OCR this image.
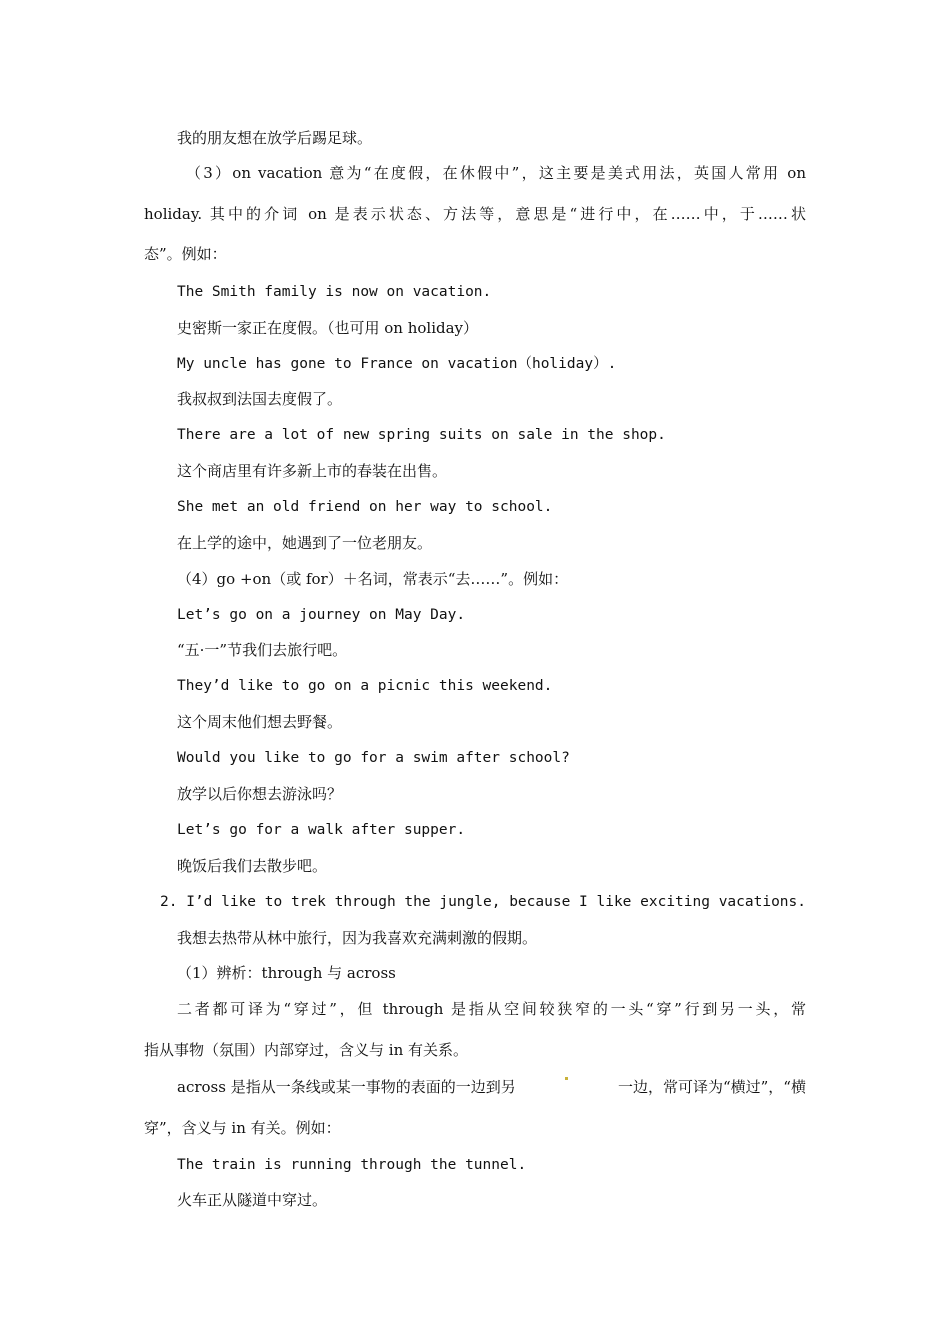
我的朋友想在放学后踢足球。
（3）on vacation 意为“在度假，在休假中”，这主要是美式用法，英国人常用 on
holiday. 其中的介词 on 是表示状态、方法等，意思是“进行中，在……中，于……状
态”。例如：
The Smith family is now on vacation.
史密斯一家正在度假。（也可用 on holiday）
My uncle has gone to France on vacation（holiday）.
我叔叔到法国去度假了。
There are a lot of new spring suits on sale in the shop.
这个商店里有许多新上市的春装在出售。
She met an old friend on her way to school.
在上学的途中，她遇到了一位老朋友。
（4）go +on（或 for）＋名词，常表示“去……”。例如：
Let’s go on a journey on May Day.
“五·一”节我们去旅行吧。
They’d like to go on a picnic this weekend.
这个周末他们想去野餐。
Would you like to go for a swim after school?
放学以后你想去游泳吗？
Let’s go for a walk after supper.
晚饭后我们去散步吧。
2. I’d like to trek through the jungle, because I like exciting vacations.
我想去热带从林中旅行，因为我喜欢充满刺激的假期。
（1）辨析：through 与 across
二者都可译为“穿过”，但 through 是指从空间较狭窄的一头“穿”行到另一头，常
指从事物（氛围）内部穿过，含义与 in 有关系。
across 是指从一条线或某一事物的表面的一边到另	一边，常可译为“横过”，“横
穿”，含义与 in 有关。例如：
The train is running through the tunnel.
火车正从隧道中穿过。
